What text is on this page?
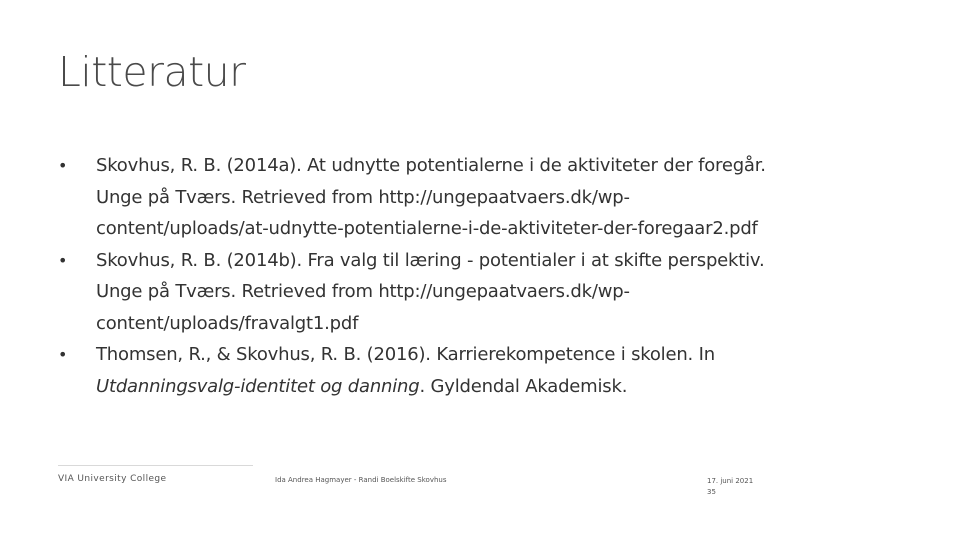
Litteratur
• Skovhus, R. B. (2014a). At udnytte potentialerne i de aktiviteter der foregår.
Unge på Tværs. Retrieved from http://ungepaatvaers.dk/wp-
content/uploads/at-udnytte-potentialerne-i-de-aktiviteter-der-foregaar2.pdf
• Skovhus, R. B. (2014b). Fra valg til læring - potentialer i at skifte perspektiv.
Unge på Tværs. Retrieved from http://ungepaatvaers.dk/wp-
content/uploads/fravalgt1.pdf
• Thomsen, R., & Skovhus, R. B. (2016). Karrierekompetence i skolen. In
Utdanningsvalg-identitet og danning. Gyldendal Akademisk.
VIA University College	Ida Andrea Hagmayer - Randi Boelskifte Skovhus	17. juni 2021
35
